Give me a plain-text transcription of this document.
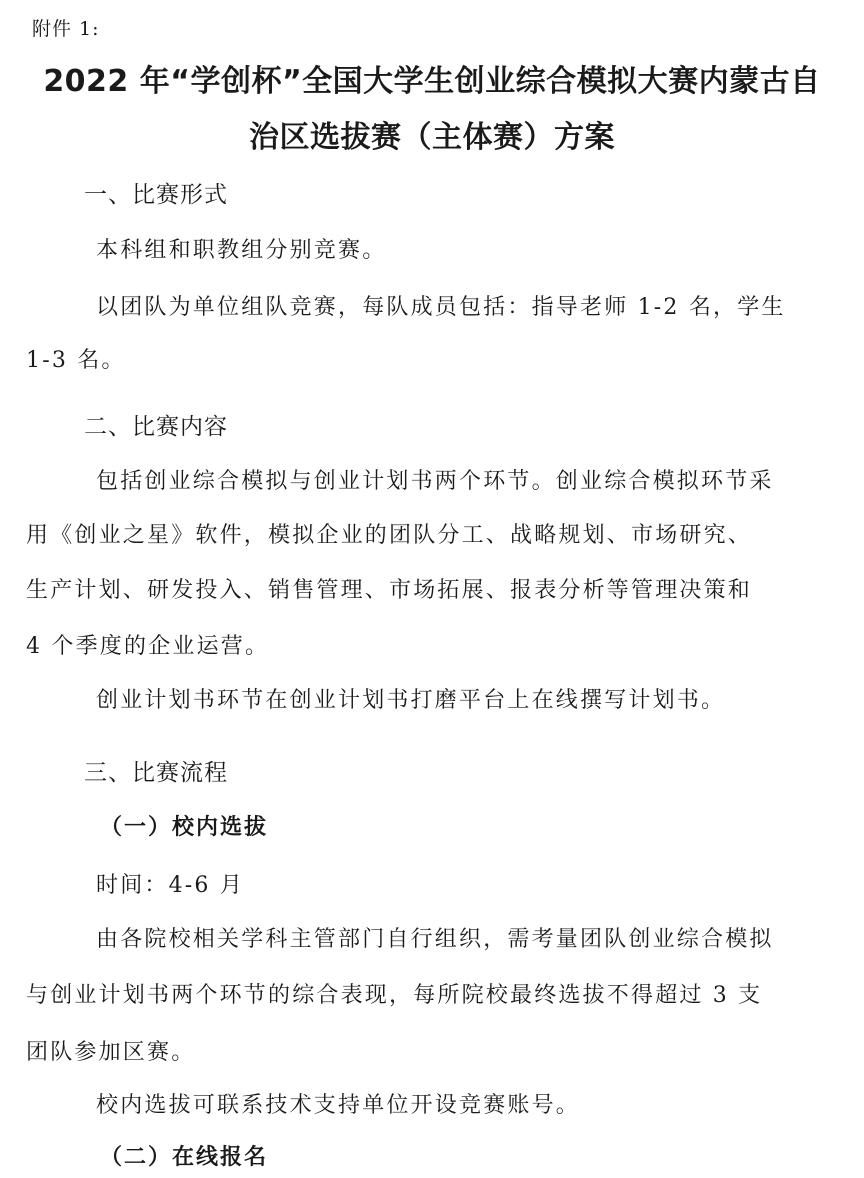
附件 1:
2022 年“学创杯”全国大学生创业综合模拟大赛内蒙古自
治区选拔赛（主体赛）方案
一、比赛形式
本科组和职教组分别竞赛。
以团队为单位组队竞赛，每队成员包括：指导老师 1-2 名，学生
1-3 名。
二、比赛内容
包括创业综合模拟与创业计划书两个环节。创业综合模拟环节采
用《创业之星》软件，模拟企业的团队分工、战略规划、市场研究、
生产计划、研发投入、销售管理、市场拓展、报表分析等管理决策和
4 个季度的企业运营。
创业计划书环节在创业计划书打磨平台上在线撰写计划书。
三、比赛流程
（一）校内选拔
时间：4-6 月
由各院校相关学科主管部门自行组织，需考量团队创业综合模拟
与创业计划书两个环节的综合表现，每所院校最终选拔不得超过 3 支
团队参加区赛。
校内选拔可联系技术支持单位开设竞赛账号。
（二）在线报名
